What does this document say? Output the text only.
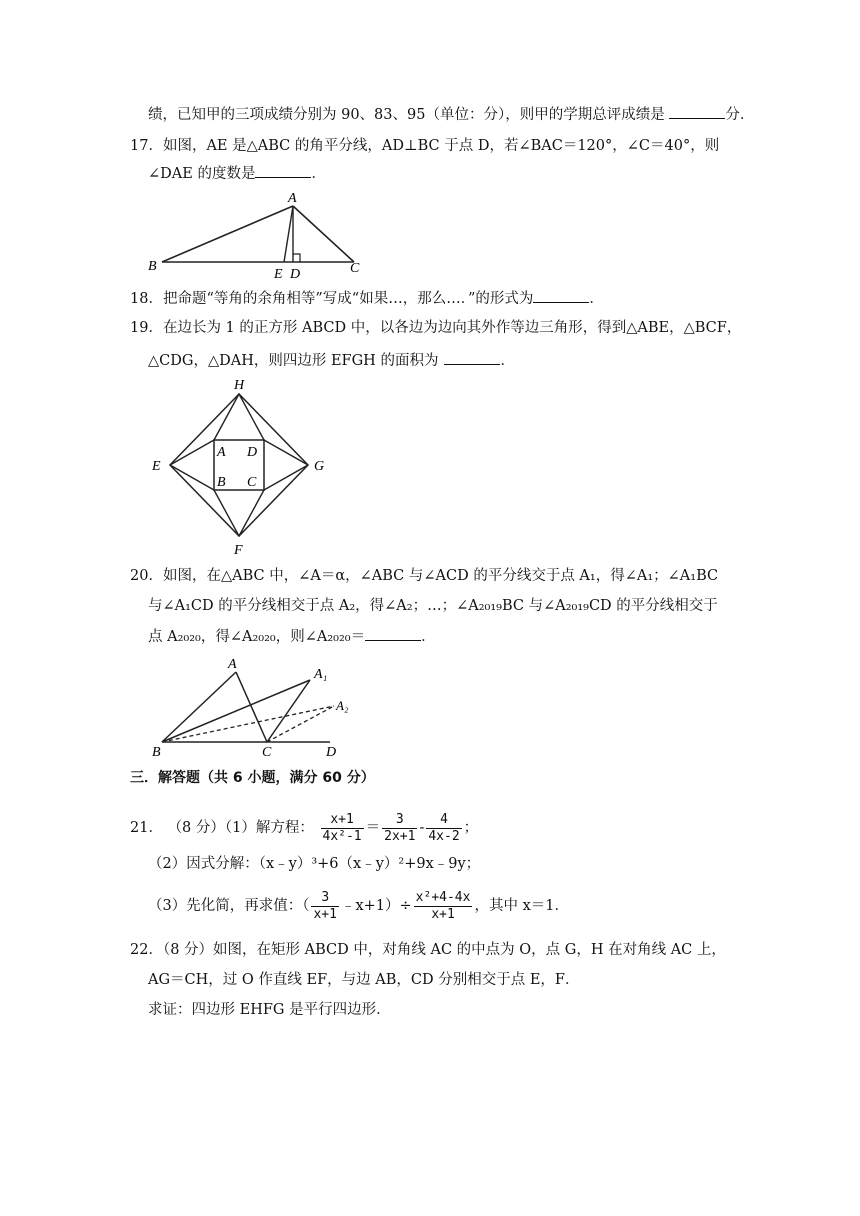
绩，已知甲的三项成绩分别为 90、83、95（单位：分），则甲的学期总评成绩是	分．
17．如图，AE 是△ABC 的角平分线，AD⊥BC 于点 D，若∠BAC＝120°，∠C＝40°，则
∠DAE 的度数是	．
A
B	C
E D
18．把命题“等角的余角相等”写成“如果…，那么…．”的形式为	．
19．在边长为 1 的正方形 ABCD 中，以各边为边向其外作等边三角形，得到△ABE，△BCF，
△CDG，△DAH，则四边形 EFGH 的面积为	．
H
E	G
F
A D
B C
20．如图，在△ABC 中，∠A＝α，∠ABC 与∠ACD 的平分线交于点 A₁，得∠A₁；∠A₁BC
与∠A₁CD 的平分线相交于点 A₂，得∠A₂；…；∠A₂₀₁₉BC 与∠A₂₀₁₉CD 的平分线相交于
点 A₂₀₂₀，得∠A₂₀₂₀，则∠A₂₀₂₀＝	．
A
A₁
A₂
B	C	D
三．解答题（共 6 小题，满分 60 分）
21． （8 分）（1）解方程： $\frac{x+1}{\text{4x²-1}} = \frac{3}{2x+1} - \frac{4}{4x-2}$ ；
（2）因式分解：（x﹣y）³+6（x﹣y）²+9x﹣9y；
（3）先化简，再求值：（ $\frac{3}{x+1}$ ﹣x+1）÷ $\frac{\text{x²+4-4x}}{x+1}$ ，其中 x＝1．
22．（8 分）如图，在矩形 ABCD 中，对角线 AC 的中点为 O，点 G，H 在对角线 AC 上，
AG＝CH，过 O 作直线 EF，与边 AB，CD 分别相交于点 E，F．
求证：四边形 EHFG 是平行四边形．
